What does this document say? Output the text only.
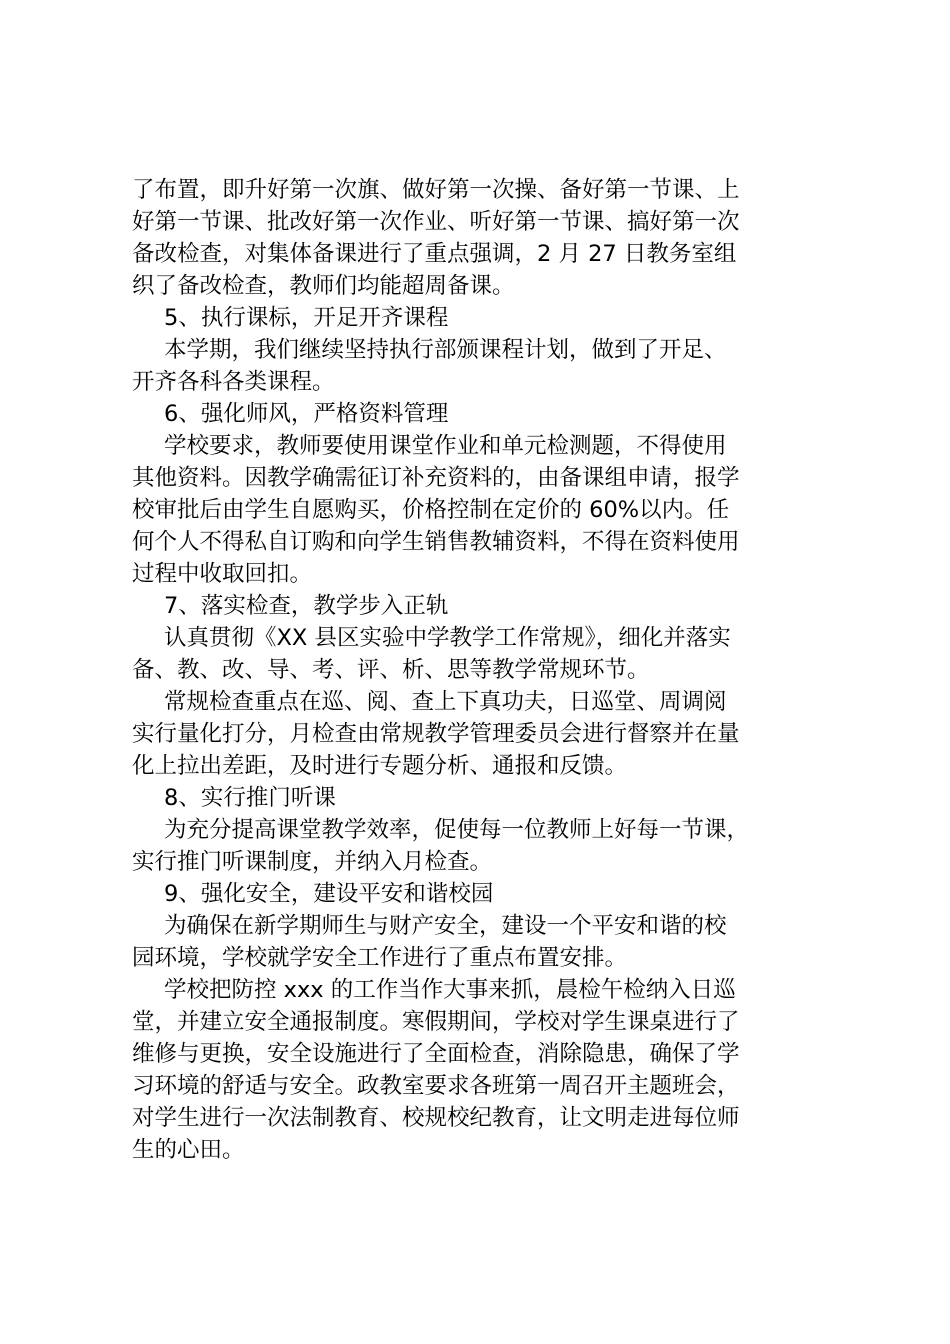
了布置，即升好第一次旗、做好第一次操、备好第一节课、上
好第一节课、批改好第一次作业、听好第一节课、搞好第一次
备改检查，对集体备课进行了重点强调，2 月 27 日教务室组
织了备改检查，教师们均能超周备课。
5、执行课标，开足开齐课程
本学期，我们继续坚持执行部颁课程计划，做到了开足、
开齐各科各类课程。
6、强化师风，严格资料管理
学校要求，教师要使用课堂作业和单元检测题，不得使用
其他资料。因教学确需征订补充资料的，由备课组申请，报学
校审批后由学生自愿购买，价格控制在定价的 60%以内。任
何个人不得私自订购和向学生销售教辅资料，不得在资料使用
过程中收取回扣。
7、落实检查，教学步入正轨
认真贯彻《XX 县区实验中学教学工作常规》，细化并落实
备、教、改、导、考、评、析、思等教学常规环节。
常规检查重点在巡、阅、查上下真功夫，日巡堂、周调阅
实行量化打分，月检查由常规教学管理委员会进行督察并在量
化上拉出差距，及时进行专题分析、通报和反馈。
8、实行推门听课
为充分提高课堂教学效率，促使每一位教师上好每一节课，
实行推门听课制度，并纳入月检查。
9、强化安全，建设平安和谐校园
为确保在新学期师生与财产安全，建设一个平安和谐的校
园环境，学校就学安全工作进行了重点布置安排。
学校把防控 xxx 的工作当作大事来抓，晨检午检纳入日巡
堂，并建立安全通报制度。寒假期间，学校对学生课桌进行了
维修与更换，安全设施进行了全面检查，消除隐患，确保了学
习环境的舒适与安全。政教室要求各班第一周召开主题班会，
对学生进行一次法制教育、校规校纪教育，让文明走进每位师
生的心田。
